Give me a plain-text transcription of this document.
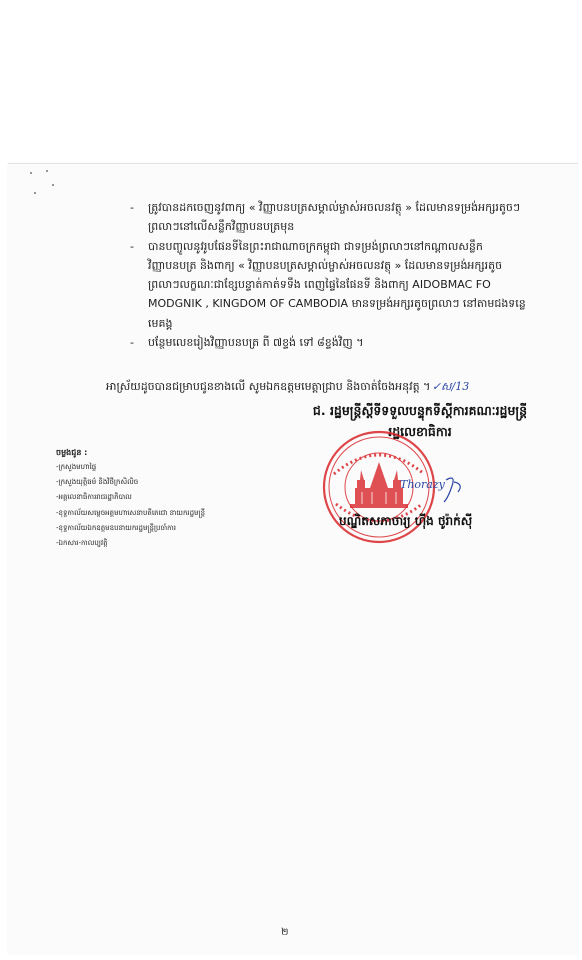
- ត្រូវបានដកចេញនូវពាក្យ « វិញ្ញាបនបត្រសម្គាល់ម្ចាស់អចលនវត្ថុ » ដែលមានទម្រង់អក្សរតូចៗ
ព្រលាៗនៅលើសន្លឹកវិញ្ញាបនបត្រមុន

- បានបញ្ចូលនូវរូបផែនទីនៃព្រះរាជាណាចក្រកម្ពុជា ជាទម្រង់ព្រលាៗនៅកណ្ដាលសន្លឹក
វិញ្ញាបនបត្រ និងពាក្យ « វិញ្ញាបនបត្រសម្គាល់ម្ចាស់អចលនវត្ថុ » ដែលមានទម្រង់អក្សរតូច
ព្រលាៗលក្ខណៈជាខ្សែបន្ទាត់កាត់ទទឹង ពេញផ្ទៃនៃផែនទី និងពាក្យ AIDOBMAC FO
MODGNIK , KINGDOM OF CAMBODIA មានទម្រង់អក្សរតូចព្រលាៗ នៅតាមជងទន្លេ
មេគង្គ

- បន្ថែមលេខរៀងវិញ្ញាបនបត្រ ពី ៧ខ្ទង់ ទៅ ៨ខ្ទង់វិញ ។

អាស្រ័យដូចបានជម្រាបជូនខាងលើ សូមឯកឧត្ដមមេត្ដាជ្រាប និងចាត់ចែងអនុវត្ត ។ ✓ស/13
ជ. រដ្ឋមន្ត្រីស្ដីទីទទួលបន្ទុកទីស្ដីការគណៈរដ្ឋមន្ត្រី
រដ្ឋលេខាធិការ
ចម្លងជូន :
-ក្រសួងមហាផ្ទៃ
-ក្រសួងយុត្តិធម៌ និងវិថីក្រសិលិច
-អគ្គលេខាធិការរាជរដ្ឋាភិបាល
-ខុទ្ទកាល័យសម្ដេចអគ្គមហាសេនាបតីតេជោ នាយករដ្ឋមន្ត្រី
-ខុទ្ទកាល័យឯកឧត្ដមឧបនាយករដ្ឋមន្ត្រីប្រចាំការ
-ឯកសារ-កាលប្បវត្តិ
Thorazy
បណ្ឌិតសភាចារ្យ ហ៊ីង ថូរ៉ាក់ស៊ី
២
